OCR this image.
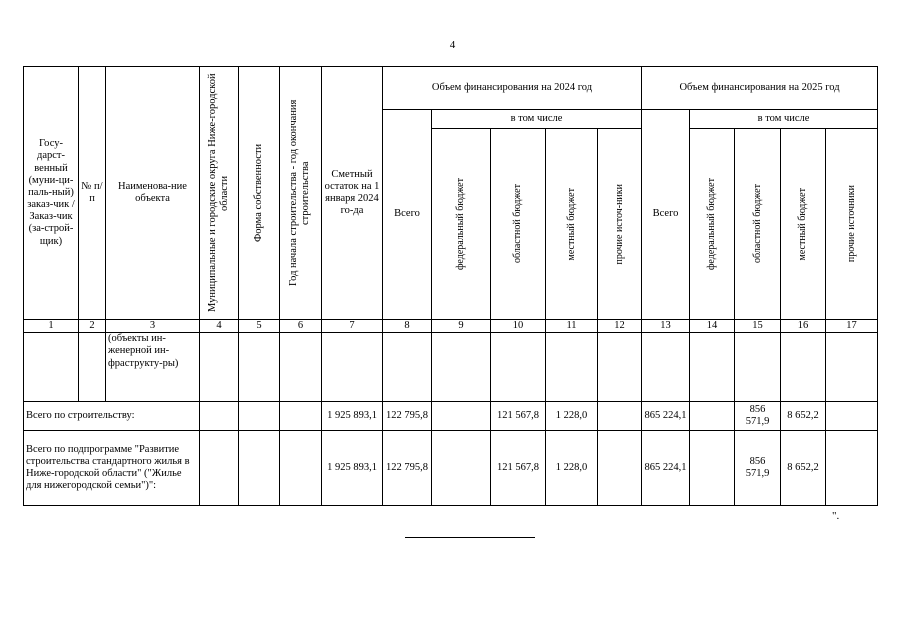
4
Госу-дарст-венный (муни-ци-паль-ный) заказ-чик / Заказ-чик (за-строй-щик)	№ п/п	Наименова-ние объекта	Муниципальные и городские округа Ниже-городской области	Форма собственности	Год начала строительства - год окончания строительства	Сметный остаток на 1 января 2024 го-да	Объем финансирования на 2024 год					Объем финансирования на 2025 год				
							Всего	в том числе				Всего	в том числе			

								федеральный бюджет	областной бюджет	местный бюджет	прочие источ-ники		федеральный бюджет	областной бюджет	местный бюджет	прочие источники

1	2	3	4	5	6	7	8	9	10	11	12	13	14	15	16	17
		(объекты ин-женерной ин-фраструкту-ры)														
Всего по строительству:						1 925 893,1	122 795,8		121 567,8	1 228,0		865 224,1		856 571,9	8 652,2	
Всего по подпрограмме "Развитие строительства стандартного жилья в Ниже-городской области" ("Жилье для нижегородской семьи")":						1 925 893,1	122 795,8		121 567,8	1 228,0		865 224,1		856 571,9	8 652,2	
".
